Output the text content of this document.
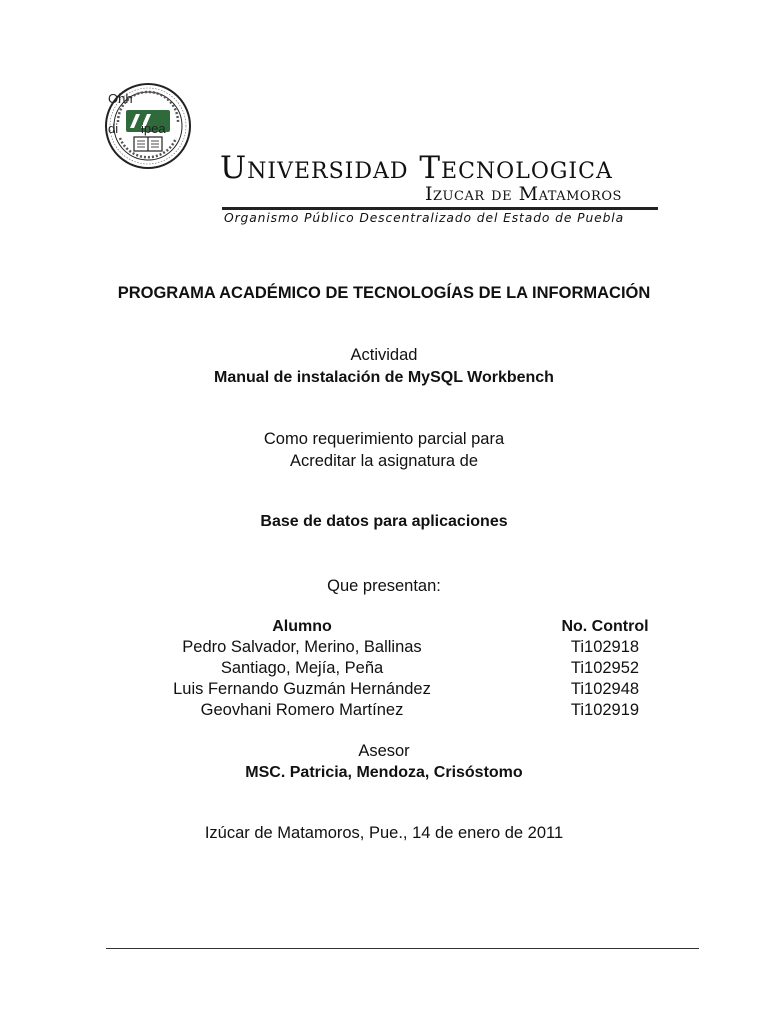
Ohh
di ipea
Universidad Tecnologica
Izucar de Matamoros
Organismo Público Descentralizado del Estado de Puebla
PROGRAMA ACADÉMICO DE TECNOLOGÍAS DE LA INFORMACIÓN
Actividad
Manual de instalación de MySQL Workbench
Como requerimiento parcial para
Acreditar la asignatura de
Base de datos para aplicaciones
Que presentan:
Alumno	No. Control
Pedro Salvador, Merino, Ballinas	Ti102918
Santiago, Mejía, Peña	Ti102952
Luis Fernando Guzmán Hernández	Ti102948
Geovhani Romero Martínez	Ti102919
Asesor
MSC. Patricia, Mendoza, Crisóstomo
Izúcar de Matamoros, Pue., 14 de enero de 2011
